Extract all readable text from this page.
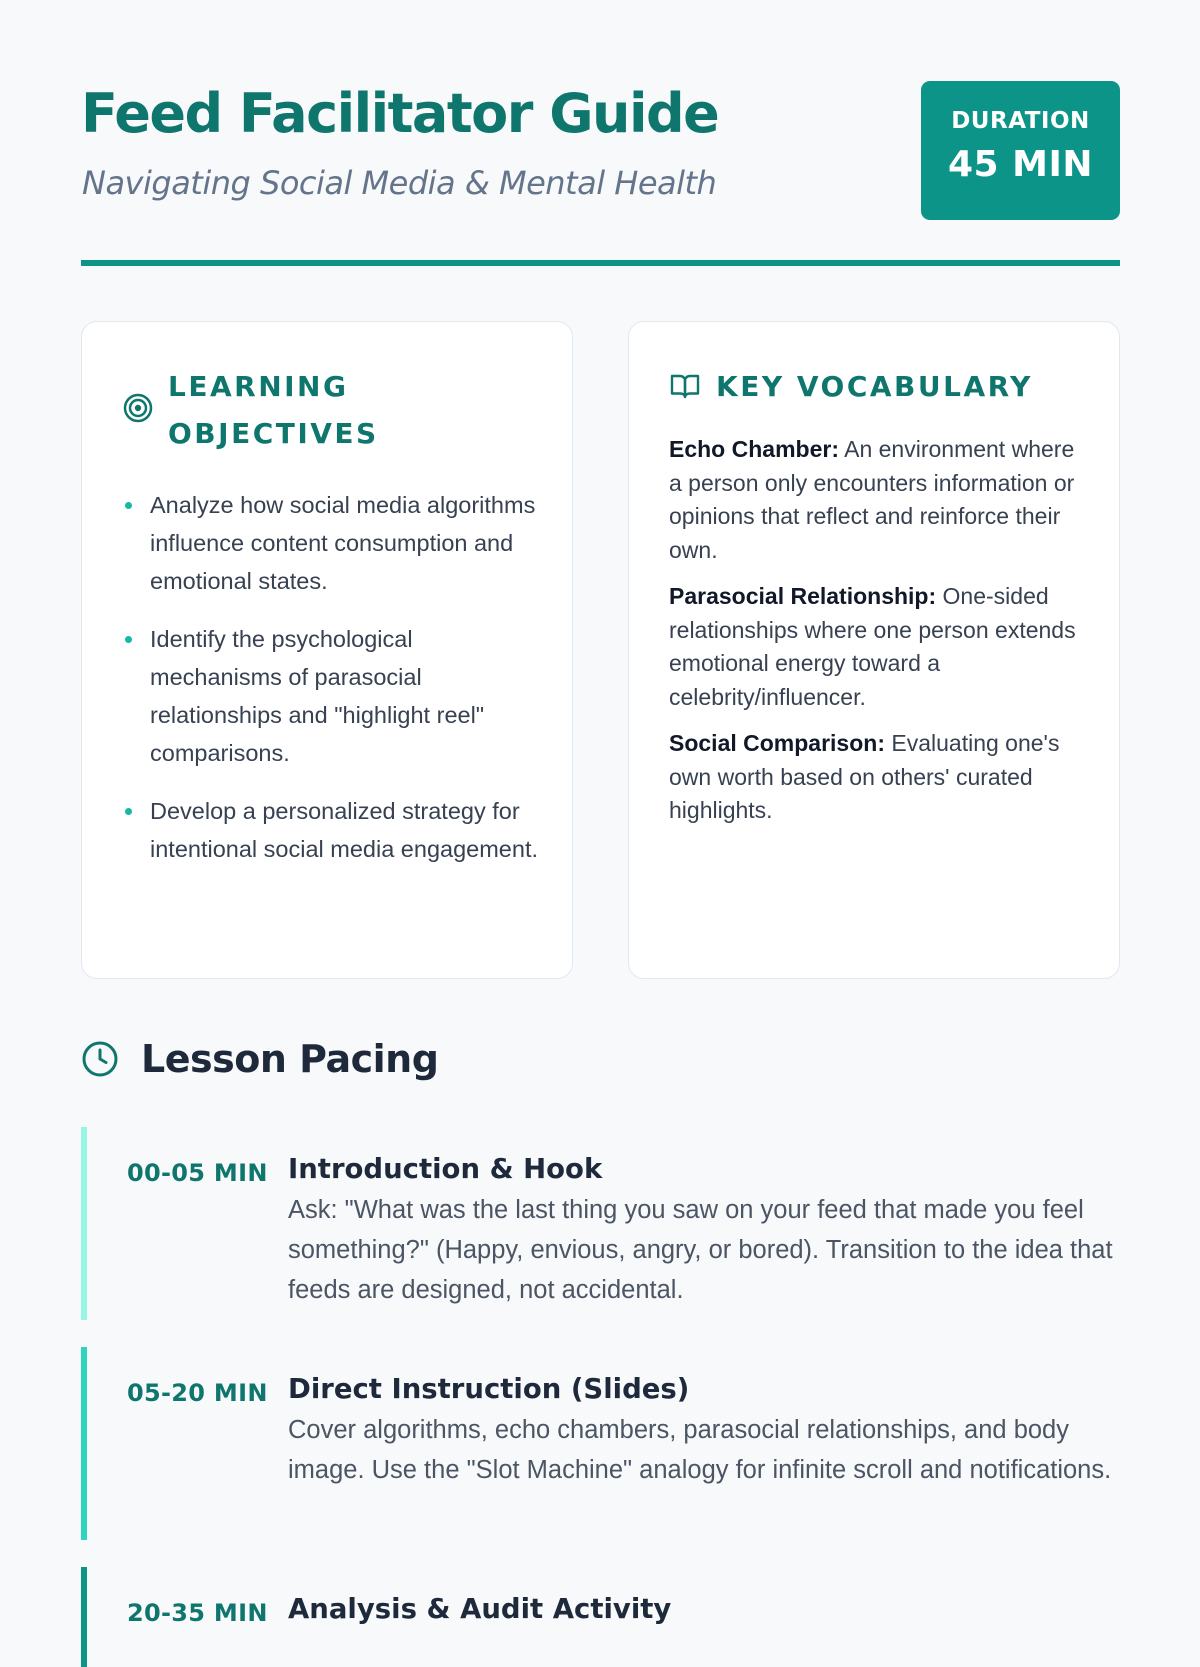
Feed Facilitator Guide

Navigating Social Media & Mental Health

DURATION
45 MIN
LEARNING OBJECTIVES
Analyze how social media algorithms influence content consumption and emotional states.
Identify the psychological mechanisms of parasocial relationships and "highlight reel" comparisons.
Develop a personalized strategy for intentional social media engagement.
KEY VOCABULARY
Echo Chamber: An environment where a person only encounters information or opinions that reflect and reinforce their own.
Parasocial Relationship: One-sided relationships where one person extends emotional energy toward a celebrity/influencer.
Social Comparison: Evaluating one's own worth based on others' curated highlights.
Lesson Pacing
00-05 MIN Introduction & Hook

Ask: "What was the last thing you saw on your feed that made you feel something?" (Happy, envious, angry, or bored). Transition to the idea that feeds are designed, not accidental.

05-20 MIN Direct Instruction (Slides)

Cover algorithms, echo chambers, parasocial relationships, and body image. Use the "Slot Machine" analogy for infinite scroll and notifications.

20-35 MIN Analysis & Audit Activity
